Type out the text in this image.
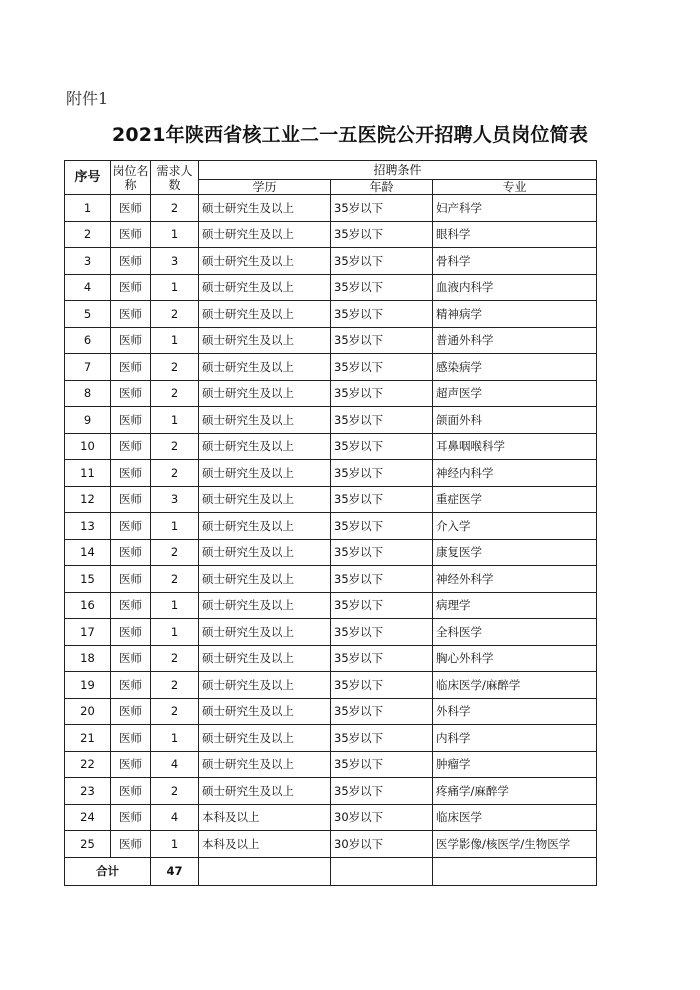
附件1
2021年陕西省核工业二一五医院公开招聘人员岗位简表
序号	岗位名称	需求人数	招聘条件		
			学历	年龄	专业
1	医师	2	硕士研究生及以上	35岁以下	妇产科学
2	医师	1	硕士研究生及以上	35岁以下	眼科学
3	医师	3	硕士研究生及以上	35岁以下	骨科学
4	医师	1	硕士研究生及以上	35岁以下	血液内科学
5	医师	2	硕士研究生及以上	35岁以下	精神病学
6	医师	1	硕士研究生及以上	35岁以下	普通外科学
7	医师	2	硕士研究生及以上	35岁以下	感染病学
8	医师	2	硕士研究生及以上	35岁以下	超声医学
9	医师	1	硕士研究生及以上	35岁以下	颌面外科
10	医师	2	硕士研究生及以上	35岁以下	耳鼻咽喉科学
11	医师	2	硕士研究生及以上	35岁以下	神经内科学
12	医师	3	硕士研究生及以上	35岁以下	重症医学
13	医师	1	硕士研究生及以上	35岁以下	介入学
14	医师	2	硕士研究生及以上	35岁以下	康复医学
15	医师	2	硕士研究生及以上	35岁以下	神经外科学
16	医师	1	硕士研究生及以上	35岁以下	病理学
17	医师	1	硕士研究生及以上	35岁以下	全科医学
18	医师	2	硕士研究生及以上	35岁以下	胸心外科学
19	医师	2	硕士研究生及以上	35岁以下	临床医学/麻醉学
20	医师	2	硕士研究生及以上	35岁以下	外科学
21	医师	1	硕士研究生及以上	35岁以下	内科学
22	医师	4	硕士研究生及以上	35岁以下	肿瘤学
23	医师	2	硕士研究生及以上	35岁以下	疼痛学/麻醉学
24	医师	4	本科及以上	30岁以下	临床医学
25	医师	1	本科及以上	30岁以下	医学影像/核医学/生物医学
合计		47			
